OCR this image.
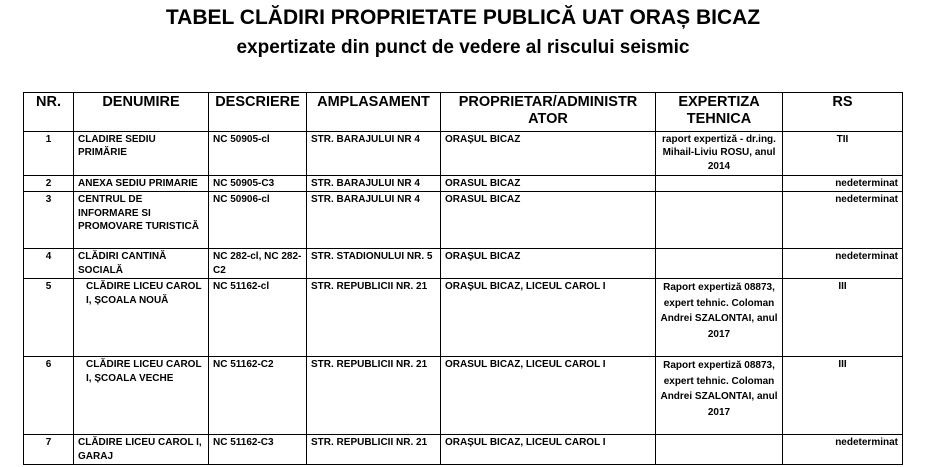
TABEL CLĂDIRI PROPRIETATE PUBLICĂ UAT ORAȘ BICAZ
expertizate din punct de vedere al riscului seismic
NR.	DENUMIRE	DESCRIERE	AMPLASAMENT	PROPRIETAR/ADMINISTR ATOR	EXPERTIZA TEHNICA	RS
1	CLADIRE SEDIU PRIMĂRIE	NC 50905-cl	STR. BARAJULUI NR 4	ORAȘUL BICAZ	raport expertiză - dr.ing. Mihail-Liviu ROSU, anul 2014	TII
2	ANEXA SEDIU PRIMARIE	NC 50905-C3	STR. BARAJULUI NR 4	ORASUL BICAZ		nedeterminat
3	CENTRUL DE INFORMARE SI PROMOVARE TURISTICĂ	NC 50906-cl	STR. BARAJULUI NR 4	ORASUL BICAZ		nedeterminat
4	CLĂDIRI CANTINĂ SOCIALĂ	NC 282-cl, NC 282-C2	STR. STADIONULUI NR. 5	ORAȘUL BICAZ		nedeterminat
5	CLĂDIRE LICEU CAROL I, ȘCOALA NOUĂ	NC 51162-cl	STR. REPUBLICII NR. 21	ORAȘUL BICAZ, LICEUL CAROL I	Raport expertiză 08873, expert tehnic. Coloman Andrei SZALONTAI, anul 2017	III
6	CLĂDIRE LICEU CAROL I, ȘCOALA VECHE	NC 51162-C2	STR. REPUBLICII NR. 21	ORASUL BICAZ, LICEUL CAROL I	Raport expertiză 08873, expert tehnic. Coloman Andrei SZALONTAI, anul 2017	III
7	CLĂDIRE LICEU CAROL I, GARAJ	NC 51162-C3	STR. REPUBLICII NR. 21	ORAȘUL BICAZ, LICEUL CAROL I		nedeterminat
